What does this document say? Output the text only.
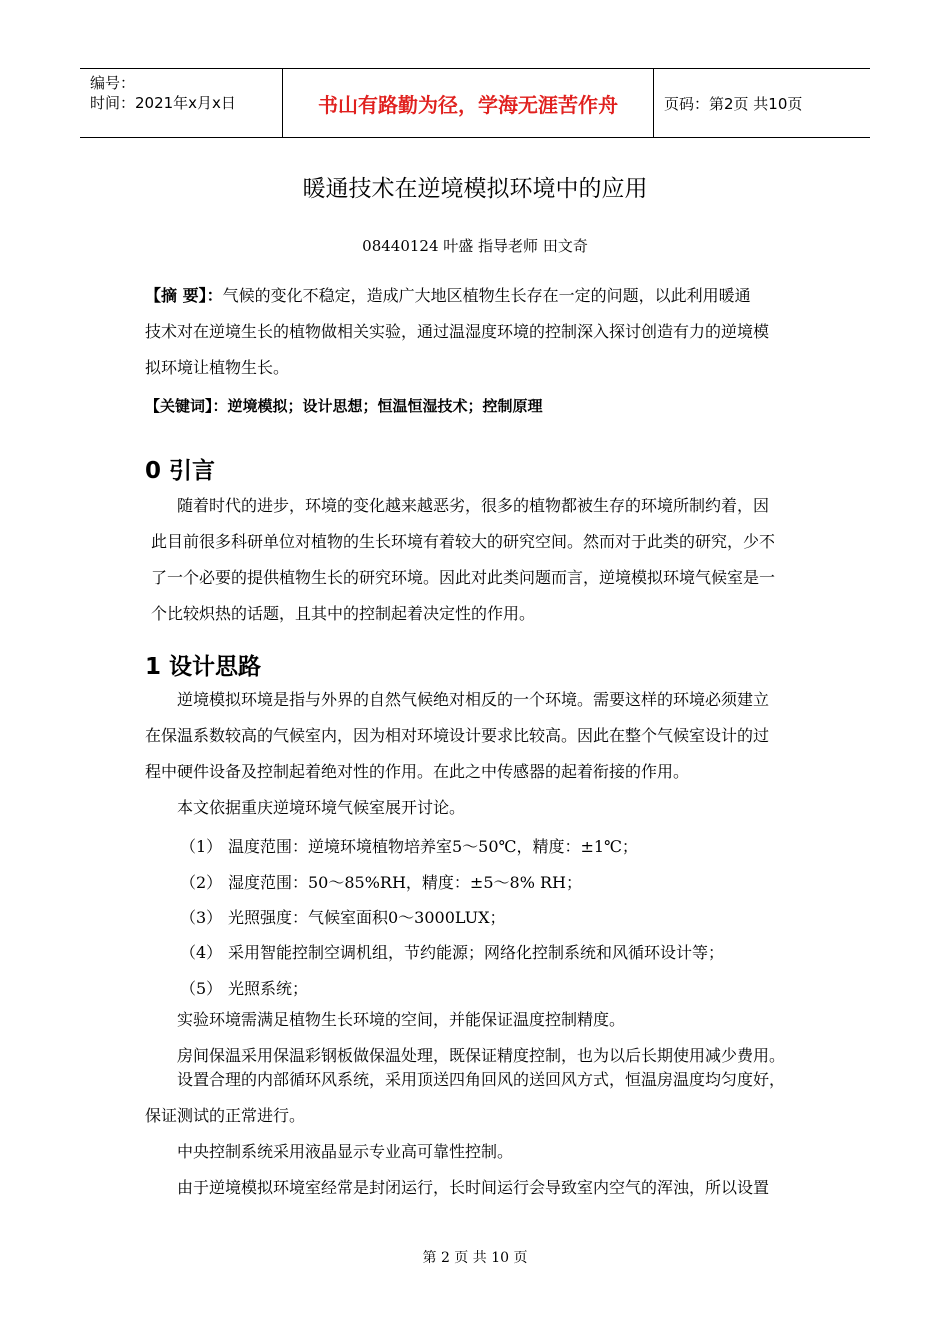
编号：
时间：2021年x月x日	书山有路勤为径，学海无涯苦作舟	页码：第2页 共10页
暖通技术在逆境模拟环境中的应用
08440124 叶盛 指导老师 田文奇

【摘 要】：气候的变化不稳定，造成广大地区植物生长存在一定的问题，以此利用暖通

技术对在逆境生长的植物做相关实验，通过温湿度环境的控制深入探讨创造有力的逆境模

拟环境让植物生长。

【关键词】：逆境模拟；设计思想；恒温恒湿技术；控制原理

0 引言

随着时代的进步，环境的变化越来越恶劣，很多的植物都被生存的环境所制约着，因

此目前很多科研单位对植物的生长环境有着较大的研究空间。然而对于此类的研究，少不

了一个必要的提供植物生长的研究环境。因此对此类问题而言，逆境模拟环境气候室是一

个比较炽热的话题，且其中的控制起着决定性的作用。

1 设计思路

逆境模拟环境是指与外界的自然气候绝对相反的一个环境。需要这样的环境必须建立

在保温系数较高的气候室内，因为相对环境设计要求比较高。因此在整个气候室设计的过

程中硬件设备及控制起着绝对性的作用。在此之中传感器的起着衔接的作用。

本文依据重庆逆境环境气候室展开讨论。

（1） 温度范围：逆境环境植物培养室5～50℃，精度：±1℃；
（2） 湿度范围：50～85%RH，精度：±5～8% RH；
（3） 光照强度：气候室面积0～3000LUX；
（4） 采用智能控制空调机组，节约能源；网络化控制系统和风循环设计等；
（5） 光照系统；

实验环境需满足植物生长环境的空间，并能保证温度控制精度。

房间保温采用保温彩钢板做保温处理，既保证精度控制，也为以后长期使用减少费用。

设置合理的内部循环风系统，采用顶送四角回风的送回风方式，恒温房温度均匀度好，

保证测试的正常进行。

中央控制系统采用液晶显示专业高可靠性控制。

由于逆境模拟环境室经常是封闭运行，长时间运行会导致室内空气的浑浊，所以设置

第 2 页 共 10 页
